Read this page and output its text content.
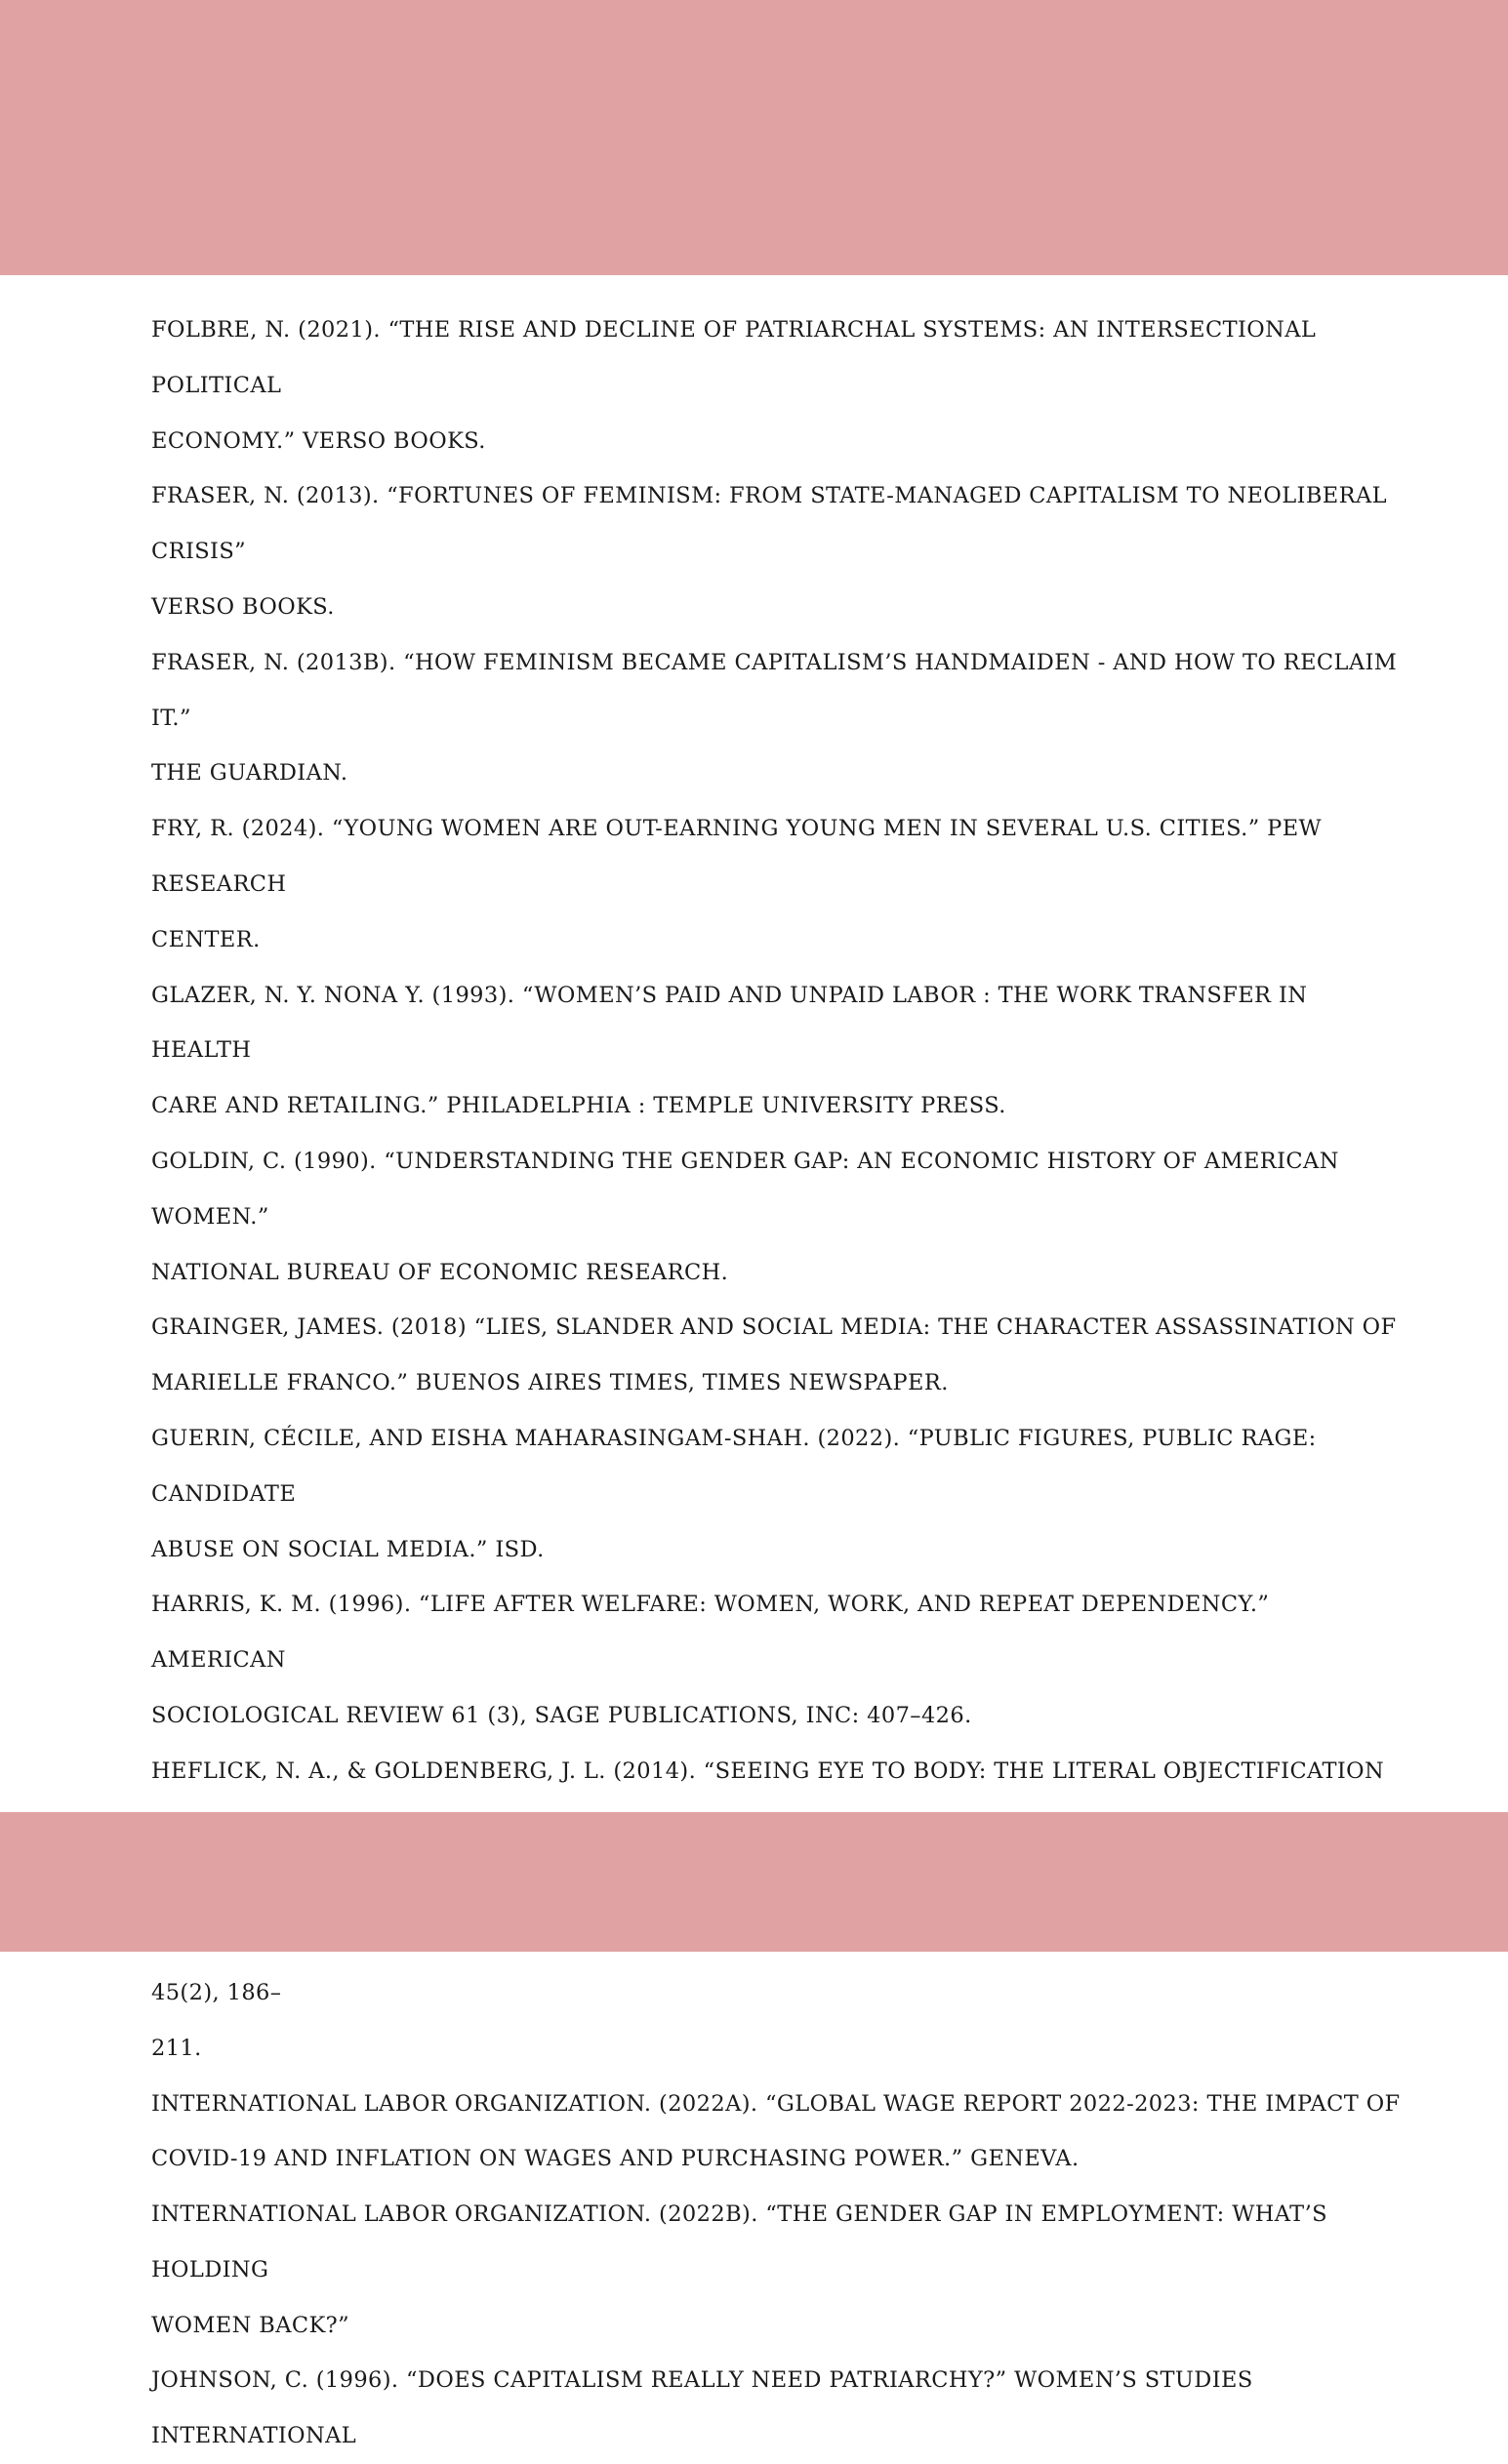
FOLBRE, N. (2021). “THE RISE AND DECLINE OF PATRIARCHAL SYSTEMS: AN INTERSECTIONAL POLITICAL
ECONOMY.” VERSO BOOKS.
FRASER, N. (2013). “FORTUNES OF FEMINISM: FROM STATE-MANAGED CAPITALISM TO NEOLIBERAL CRISIS”
VERSO BOOKS.
FRASER, N. (2013B). “HOW FEMINISM BECAME CAPITALISM’S HANDMAIDEN - AND HOW TO RECLAIM IT.”
THE GUARDIAN.
FRY, R. (2024). “YOUNG WOMEN ARE OUT-EARNING YOUNG MEN IN SEVERAL U.S. CITIES.” PEW RESEARCH
CENTER.
GLAZER, N. Y. NONA Y. (1993). “WOMEN’S PAID AND UNPAID LABOR : THE WORK TRANSFER IN HEALTH
CARE AND RETAILING.” PHILADELPHIA : TEMPLE UNIVERSITY PRESS.
GOLDIN, C. (1990). “UNDERSTANDING THE GENDER GAP: AN ECONOMIC HISTORY OF AMERICAN WOMEN.”
NATIONAL BUREAU OF ECONOMIC RESEARCH.
GRAINGER, JAMES. (2018) “LIES, SLANDER AND SOCIAL MEDIA: THE CHARACTER ASSASSINATION OF
MARIELLE FRANCO.” BUENOS AIRES TIMES, TIMES NEWSPAPER.
GUERIN, CÉCILE, AND EISHA MAHARASINGAM-SHAH. (2022). “PUBLIC FIGURES, PUBLIC RAGE: CANDIDATE
ABUSE ON SOCIAL MEDIA.” ISD.
HARRIS, K. M. (1996). “LIFE AFTER WELFARE: WOMEN, WORK, AND REPEAT DEPENDENCY.” AMERICAN
SOCIOLOGICAL REVIEW 61 (3), SAGE PUBLICATIONS, INC: 407–426.
HEFLICK, N. A., & GOLDENBERG, J. L. (2014). “SEEING EYE TO BODY: THE LITERAL OBJECTIFICATION

45(2), 186–
211.
INTERNATIONAL LABOR ORGANIZATION. (2022A). “GLOBAL WAGE REPORT 2022-2023: THE IMPACT OF
COVID-19 AND INFLATION ON WAGES AND PURCHASING POWER.” GENEVA.
INTERNATIONAL LABOR ORGANIZATION. (2022B). “THE GENDER GAP IN EMPLOYMENT: WHAT’S HOLDING
WOMEN BACK?”
JOHNSON, C. (1996). “DOES CAPITALISM REALLY NEED PATRIARCHY?” WOMEN’S STUDIES INTERNATIONAL
